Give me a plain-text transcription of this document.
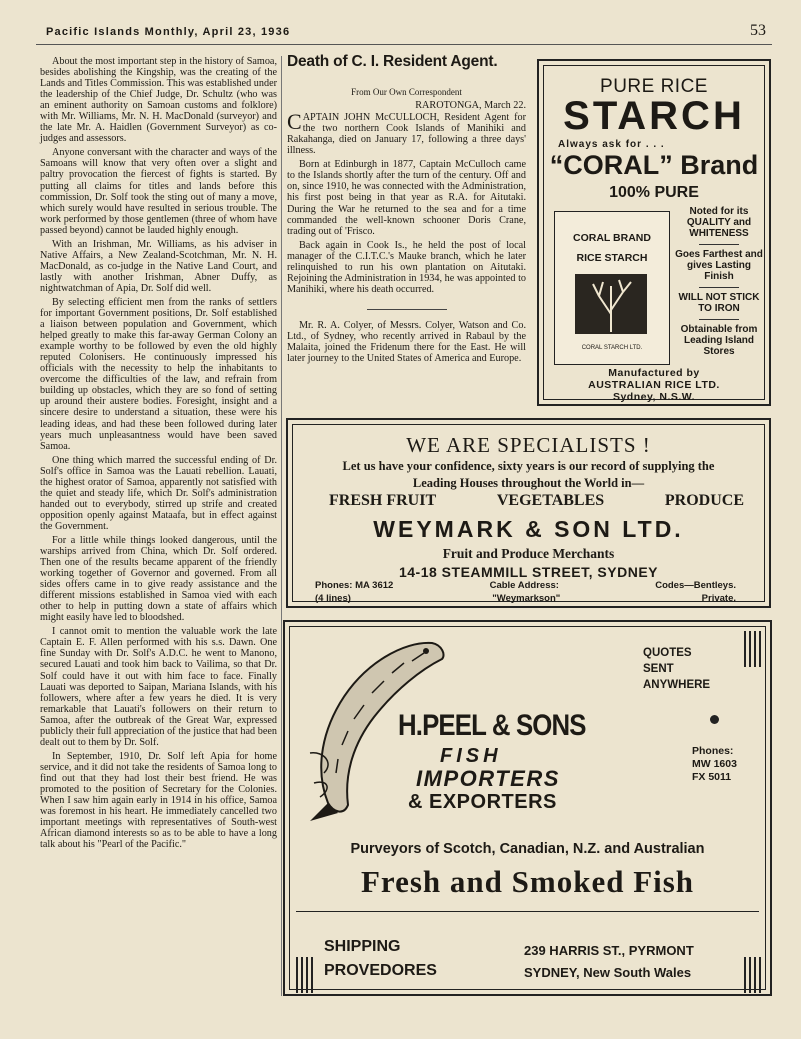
Pacific Islands Monthly, April 23, 1936	53

About the most important step in the history of Samoa, besides abolishing the Kingship, was the creating of the Lands and Titles Commission. This was established under the leadership of the Chief Judge, Dr. Schultz (who was an eminent authority on Samoan customs and folklore) with Mr. Williams, Mr. N. H. MacDonald (surveyor) and the late Mr. A. Haidlen (Government Surveyor) as co-judges and assessors.

Anyone conversant with the character and ways of the Samoans will know that very often over a slight and paltry provocation the fiercest of fights is started. By putting all claims for titles and lands before this commission, Dr. Solf took the sting out of many a move, which surely would have resulted in serious trouble. The work performed by those gentlemen (three of whom have passed beyond) cannot be lauded highly enough.

With an Irishman, Mr. Williams, as his adviser in Native Affairs, a New Zealand-Scotchman, Mr. N. H. MacDonald, as co-judge in the Native Land Court, and lastly with another Irishman, Abner Duffy, as nightwatchman of Apia, Dr. Solf did well.

By selecting efficient men from the ranks of settlers for important Government positions, Dr. Solf established a liaison between population and Government, which helped greatly to make this far-away German Colony an example worthy to be followed by even the old highly reputed Colonisers. He continuously impressed his officials with the necessity to help the inhabitants to overcome the difficulties of the law, and refrain from building up obstacles, which they are so fond of setting up around their austere bodies. Foresight, insight and a sincere desire to understand a situation, these were his leading ideas, and had these been followed during later years much unpleasantness would have been saved Samoa.

One thing which marred the successful ending of Dr. Solf's office in Samoa was the Lauati rebellion. Lauati, the highest orator of Samoa, apparently not satisfied with the quiet and steady life, which Dr. Solf's administration handed out to everybody, stirred up strife and created opposition openly against Mataafa, but in effect against the Government.

For a little while things looked dangerous, until the warships arrived from China, which Dr. Solf ordered. Then one of the results became apparent of the friendly working together of Governor and governed. From all sides offers came in to give ready assistance and the different missions established in Samoa vied with each other to help in putting down a state of affairs which might easily have led to bloodshed.

I cannot omit to mention the valuable work the late Captain E. F. Allen performed with his s.s. Dawn. One fine Sunday with Dr. Solf's A.D.C. he went to Manono, secured Lauati and took him back to Vailima, so that Dr. Solf could have it out with him face to face. Finally Lauati was deported to Saipan, Mariana Islands, with his followers, where after a few years he died. It is very remarkable that Lauati's followers on their return to Samoa, after the outbreak of the Great War, expressed publicly their full appreciation of the justice that had been dealt out to them by Dr. Solf.

In September, 1910, Dr. Solf left Apia for home service, and it did not take the residents of Samoa long to find out that they had lost their best friend. He was promoted to the position of Secretary for the Colonies. When I saw him again early in 1914 in his office, Samoa was foremost in his heart. He immediately cancelled two important meetings with representatives of South-west African diamond interests so as to be able to have a long talk about his "Pearl of the Pacific."

Death of C. I. Resident Agent.
From Our Own Correspondent
RAROTONGA, March 22.

CAPTAIN JOHN McCULLOCH, Resident Agent for the two northern Cook Islands of Manihiki and Rakahanga, died on January 17, following a three days' illness.

Born at Edinburgh in 1877, Captain McCulloch came to the Islands shortly after the turn of the century. Off and on, since 1910, he was connected with the Administration, his first post being in that year as R.A. for Aitutaki. During the War he returned to the sea and for a time commanded the well-known schooner Doris Crane, trading out of 'Frisco.

Back again in Cook Is., he held the post of local manager of the C.I.T.C.'s Mauke branch, which he later relinquished to run his own plantation on Aitutaki. Rejoining the Administration in 1934, he was appointed to Manihiki, where his death occurred.

Mr. R. A. Colyer, of Messrs. Colyer, Watson and Co. Ltd., of Sydney, who recently arrived in Rabaul by the Malaita, joined the Fridenum there for the East. He will later journey to the United States of America and Europe.

PURE RICE
STARCH
Always ask for . . .
“CORAL” Brand
100% PURE
CORAL BRAND
RICE STARCH
CORAL STARCH LTD.
Noted for its QUALITY and WHITENESS
Goes Farthest and gives Lasting Finish
WILL NOT STICK TO IRON
Obtainable from Leading Island Stores
Manufactured by
AUSTRALIAN RICE LTD.
Sydney, N.S.W.
WE ARE SPECIALISTS !
Let us have your confidence, sixty years is our record of supplying the
Leading Houses throughout the World in—
FRESH FRUIT	VEGETABLES	PRODUCE
WEYMARK & SON LTD.
Fruit and Produce Merchants
14-18 STEAMMILL STREET, SYDNEY
Phones: MA 3612	Cable Address:	Codes—Bentleys.
(4 lines)	"Weymarkson"	Private.
QUOTES
SENT
ANYWHERE
H.PEEL & SONS
FISH
IMPORTERS
& EXPORTERS
Phones:
MW 1603
FX 5011
Purveyors of Scotch, Canadian, N.Z. and Australian
Fresh and Smoked Fish
SHIPPING
PROVEDORES
239 HARRIS ST., PYRMONT
SYDNEY, New South Wales
